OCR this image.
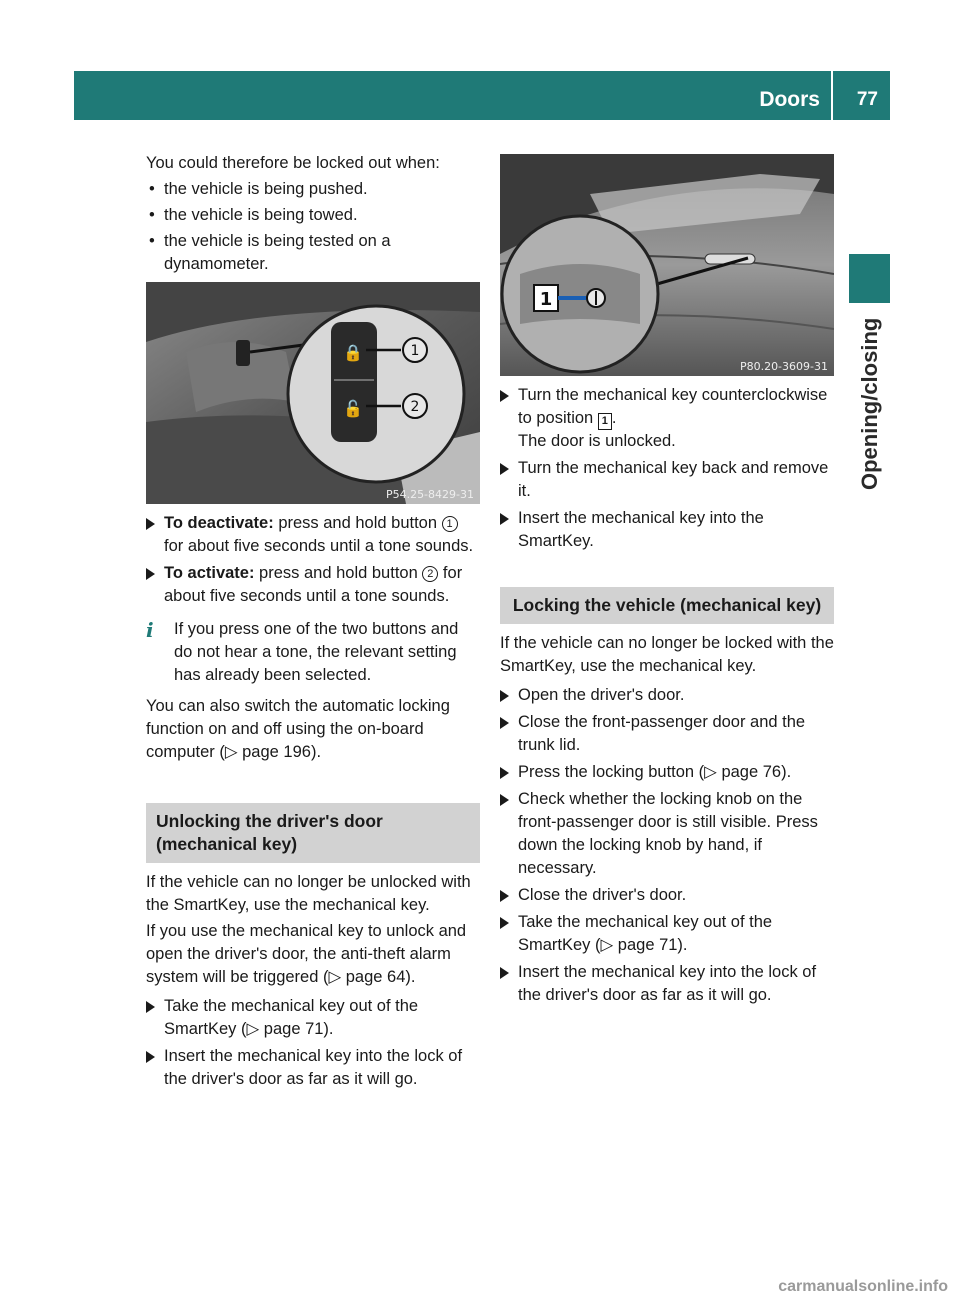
Doors 77
Opening/closing

You could therefore be locked out when:

• the vehicle is being pushed.
• the vehicle is being towed.
• the vehicle is being tested on a dynamometer.
🔒
🔓
1
2
P54.25-8429-31
To deactivate: press and hold button 1 for about five seconds until a tone sounds.
To activate: press and hold button 2 for about five seconds until a tone sounds.
i If you press one of the two buttons and do not hear a tone, the relevant setting has already been selected.

You can also switch the automatic locking function on and off using the on-board computer (▷ page 196).

Unlocking the driver's door (mechanical key)

If the vehicle can no longer be unlocked with the SmartKey, use the mechanical key.

If you use the mechanical key to unlock and open the driver's door, the anti-theft alarm system will be triggered (▷ page 64).

Take the mechanical key out of the SmartKey (▷ page 71).
Insert the mechanical key into the lock of the driver's door as far as it will go.
1
P80.20-3609-31
Turn the mechanical key counterclockwise to position 1 .
The door is unlocked.
Turn the mechanical key back and remove it.
Insert the mechanical key into the SmartKey.
Locking the vehicle (mechanical key)

If the vehicle can no longer be locked with the SmartKey, use the mechanical key.

Open the driver's door.
Close the front-passenger door and the trunk lid.
Press the locking button (▷ page 76).
Check whether the locking knob on the front-passenger door is still visible. Press down the locking knob by hand, if necessary.
Close the driver's door.
Take the mechanical key out of the SmartKey (▷ page 71).
Insert the mechanical key into the lock of the driver's door as far as it will go.
carmanualsonline.info
